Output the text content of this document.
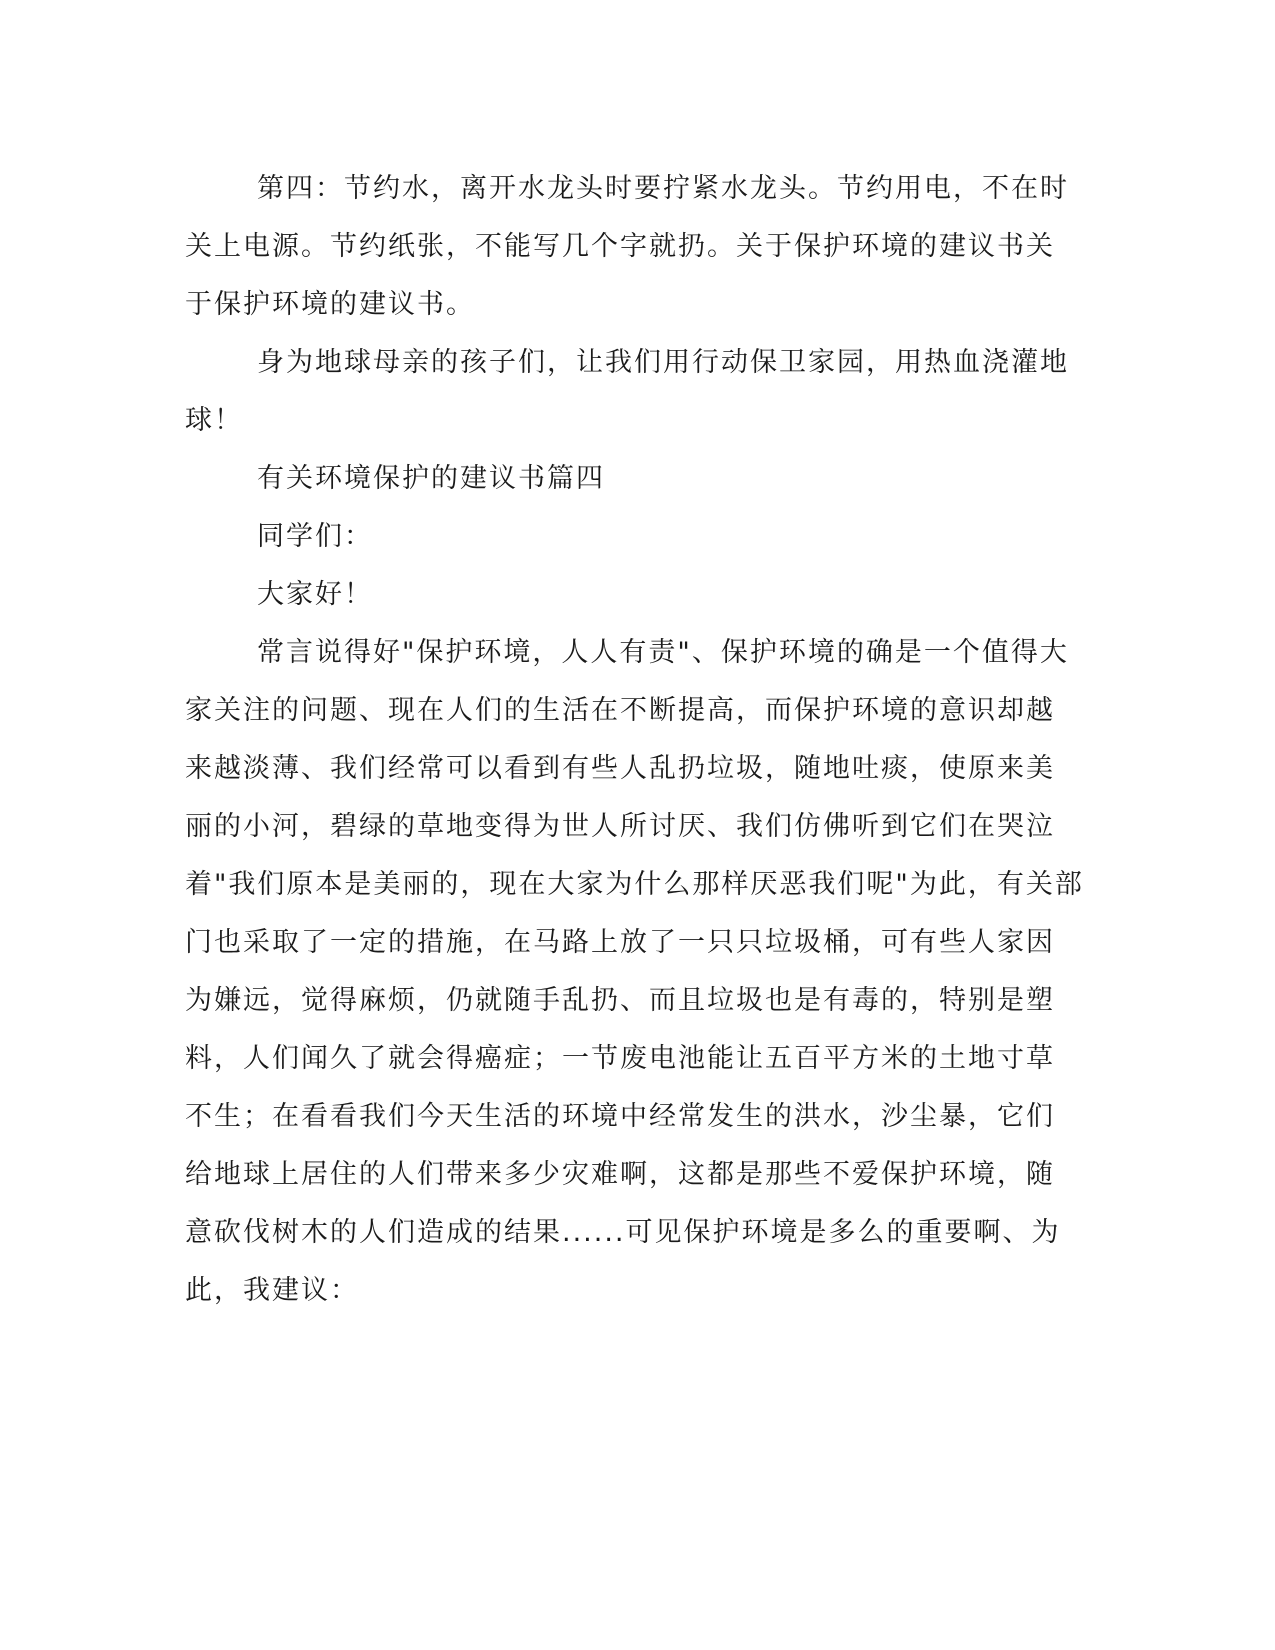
第四：节约水，离开水龙头时要拧紧水龙头。节约用电，不在时
关上电源。节约纸张，不能写几个字就扔。关于保护环境的建议书关
于保护环境的建议书。
身为地球母亲的孩子们，让我们用行动保卫家园，用热血浇灌地
球！
有关环境保护的建议书篇四
同学们：
大家好！
常言说得好"保护环境，人人有责"、保护环境的确是一个值得大
家关注的问题、现在人们的生活在不断提高，而保护环境的意识却越
来越淡薄、我们经常可以看到有些人乱扔垃圾，随地吐痰，使原来美
丽的小河，碧绿的草地变得为世人所讨厌、我们仿佛听到它们在哭泣
着"我们原本是美丽的，现在大家为什么那样厌恶我们呢"为此，有关部
门也采取了一定的措施，在马路上放了一只只垃圾桶，可有些人家因
为嫌远，觉得麻烦，仍就随手乱扔、而且垃圾也是有毒的，特别是塑
料，人们闻久了就会得癌症；一节废电池能让五百平方米的土地寸草
不生；在看看我们今天生活的环境中经常发生的洪水，沙尘暴，它们
给地球上居住的人们带来多少灾难啊，这都是那些不爱保护环境，随
意砍伐树木的人们造成的结果......可见保护环境是多么的重要啊、为
此，我建议：
